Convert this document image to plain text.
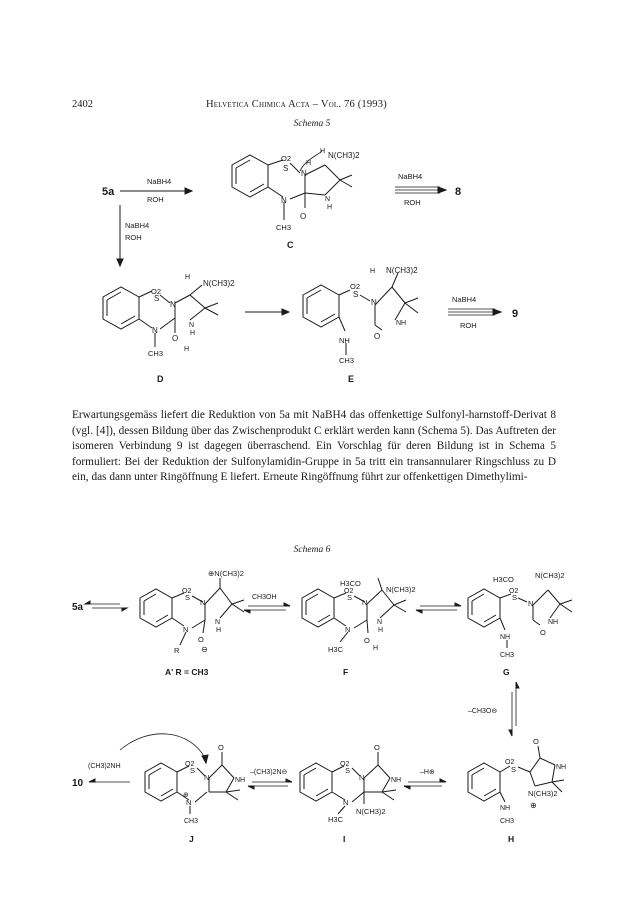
2402	Helvetica Chimica Acta – Vol. 76 (1993)
Schema 5
5a
NaBH4
ROH
NaBH4
ROH
O2
S
N
H
H N(CH3)2
N	N
H
O
CH3
C
NaBH4
ROH
8
O2
S
N
H
N(CH3)2
N
N
H
O
H
CH3
D
O2
S
N
H N(CH3)2
NH
O
NH
CH3
E
NaBH4
ROH
9

Erwartungsgemäss liefert die Reduktion von 5a mit NaBH4 das offenkettige Sulfonyl-harnstoff-Derivat 8 (vgl. [4]), dessen Bildung über das Zwischenprodukt C erklärt werden kann (Schema 5). Das Auftreten der isomeren Verbindung 9 ist dagegen überraschend. Ein Vorschlag für deren Bildung ist in Schema 5 formuliert: Bei der Reduktion der Sulfonylamidin-Gruppe in 5a tritt ein transannularer Ringschluss zu D ein, das dann unter Ringöffnung E liefert. Erneute Ringöffnung führt zur offenkettigen Dimethylimi-

Schema 6
5a
O2
S
N
⊕N(CH3)2
N
N
H
O
⊖
R
A' R = CH3
CH3OH
H3CO
O2
S
N
N(CH3)2
N
N
H
O
H
H3C
F
H3CO	N(CH3)2
O2
S
N
NH
O
NH
CH3
G
–CH3O⊖
O
O2
S	NH
N(CH3)2
⊕
NH
CH3
H
–H⊕
O
O2
S
N	NH
N
H3C
N(CH3)2
I
–(CH3)2N⊖
O
O2
S
N	NH
N
⊕
CH3
J
(CH3)2NH
10
